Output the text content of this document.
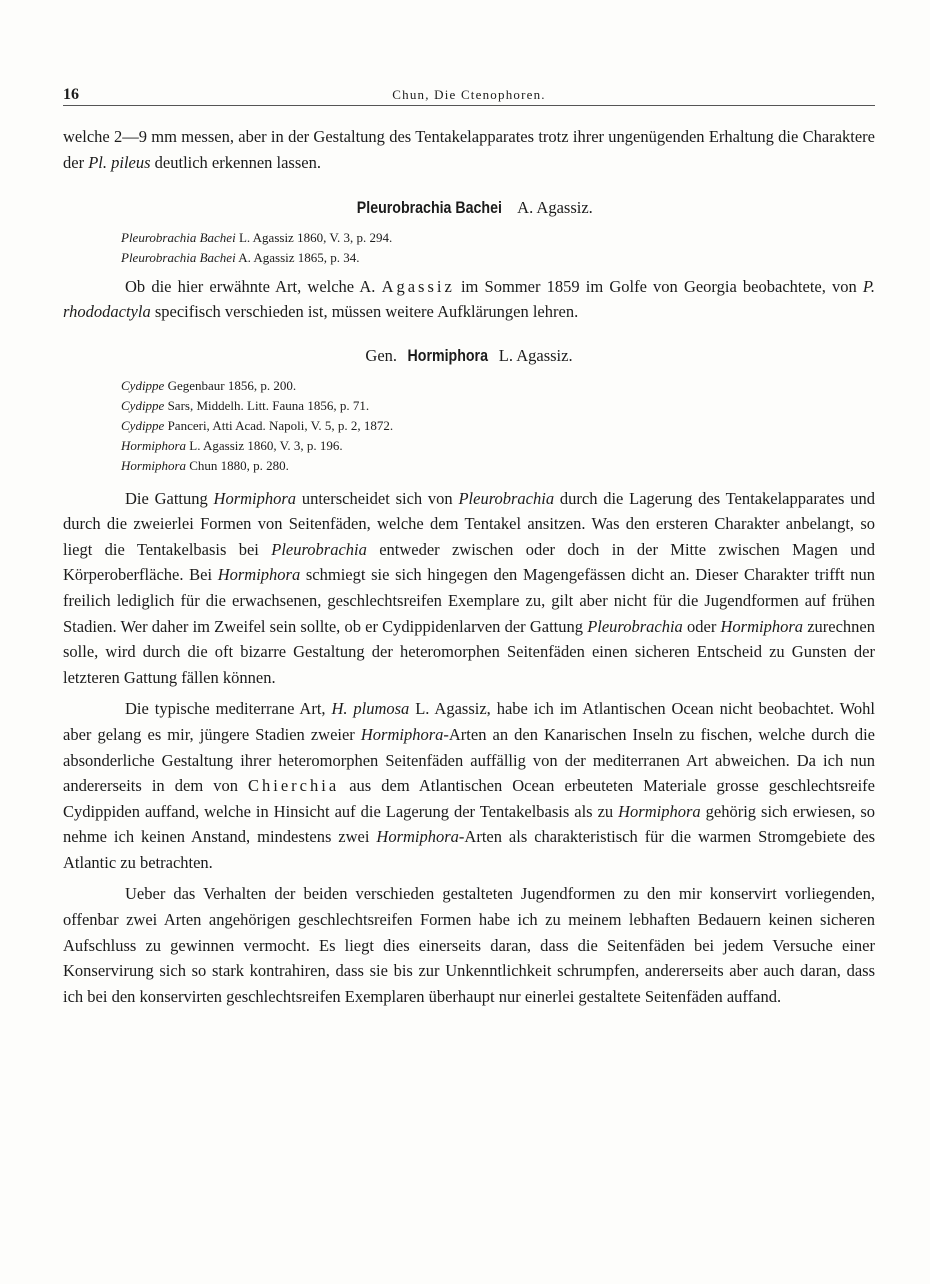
16	Chun, Die Ctenophoren.

welche 2—9 mm messen, aber in der Gestaltung des Tentakelapparates trotz ihrer ungenügenden Erhaltung die Charaktere der Pl. pileus deutlich erkennen lassen.

Pleurobrachia Bachei A. Agassiz.
Pleurobrachia Bachei L. Agassiz 1860, V. 3, p. 294.
Pleurobrachia Bachei A. Agassiz 1865, p. 34.

Ob die hier erwähnte Art, welche A. Agassiz im Sommer 1859 im Golfe von Georgia beobachtete, von P. rhododactyla specifisch verschieden ist, müssen weitere Aufklärungen lehren.

Gen. Hormiphora L. Agassiz.
Cydippe Gegenbaur 1856, p. 200.
Cydippe Sars, Middelh. Litt. Fauna 1856, p. 71.
Cydippe Panceri, Atti Acad. Napoli, V. 5, p. 2, 1872.
Hormiphora L. Agassiz 1860, V. 3, p. 196.
Hormiphora Chun 1880, p. 280.

Die Gattung Hormiphora unterscheidet sich von Pleurobrachia durch die Lagerung des Tentakelapparates und durch die zweierlei Formen von Seitenfäden, welche dem Tentakel ansitzen. Was den ersteren Charakter anbelangt, so liegt die Tentakelbasis bei Pleurobrachia entweder zwischen oder doch in der Mitte zwischen Magen und Körperoberfläche. Bei Hormiphora schmiegt sie sich hingegen den Magengefässen dicht an. Dieser Charakter trifft nun freilich lediglich für die erwachsenen, geschlechtsreifen Exemplare zu, gilt aber nicht für die Jugendformen auf frühen Stadien. Wer daher im Zweifel sein sollte, ob er Cydippidenlarven der Gattung Pleurobrachia oder Hormiphora zurechnen solle, wird durch die oft bizarre Gestaltung der heteromorphen Seitenfäden einen sicheren Entscheid zu Gunsten der letzteren Gattung fällen können.

Die typische mediterrane Art, H. plumosa L. Agassiz, habe ich im Atlantischen Ocean nicht beobachtet. Wohl aber gelang es mir, jüngere Stadien zweier Hormiphora-Arten an den Kanarischen Inseln zu fischen, welche durch die absonderliche Gestaltung ihrer heteromorphen Seitenfäden auffällig von der mediterranen Art abweichen. Da ich nun andererseits in dem von Chierchia aus dem Atlantischen Ocean erbeuteten Materiale grosse geschlechtsreife Cydippiden auffand, welche in Hinsicht auf die Lagerung der Tentakelbasis als zu Hormiphora gehörig sich erwiesen, so nehme ich keinen Anstand, mindestens zwei Hormiphora-Arten als charakteristisch für die warmen Stromgebiete des Atlantic zu betrachten.

Ueber das Verhalten der beiden verschieden gestalteten Jugendformen zu den mir konservirt vorliegenden, offenbar zwei Arten angehörigen geschlechtsreifen Formen habe ich zu meinem lebhaften Bedauern keinen sicheren Aufschluss zu gewinnen vermocht. Es liegt dies einerseits daran, dass die Seitenfäden bei jedem Versuche einer Konservirung sich so stark kontrahiren, dass sie bis zur Unkenntlichkeit schrumpfen, andererseits aber auch daran, dass ich bei den konservirten geschlechtsreifen Exemplaren überhaupt nur einerlei gestaltete Seitenfäden auffand.
